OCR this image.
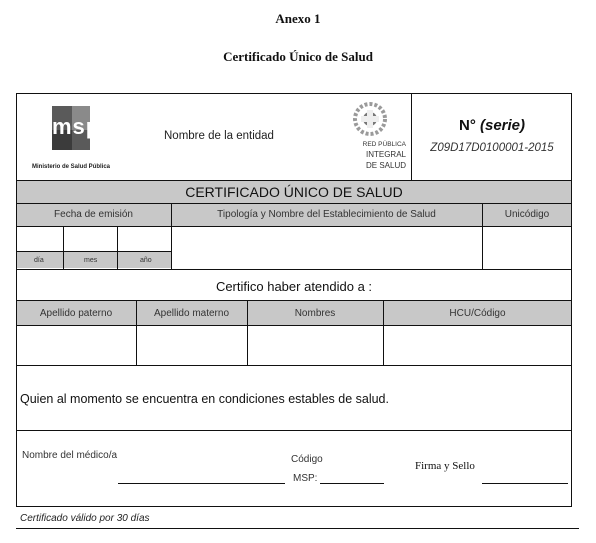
Anexo 1
Certificado Único de Salud
msp
Ministerio de Salud Pública
Nombre de la entidad
RED PÚBLICA
INTEGRAL
DE SALUD
N° (serie)
Z09D17D0100001-2015
CERTIFICADO ÚNICO DE SALUD
Fecha de emisión	Tipología y Nombre del Establecimiento de Salud	Unicódigo
día	mes	año
Certifico haber atendido a :
Apellido paterno	Apellido materno	Nombres	HCU/Código
Quien al momento se encuentra en condiciones estables de salud.
Nombre del médico/a	Código
MSP:
Firma y Sello
Certificado válido por 30 días
